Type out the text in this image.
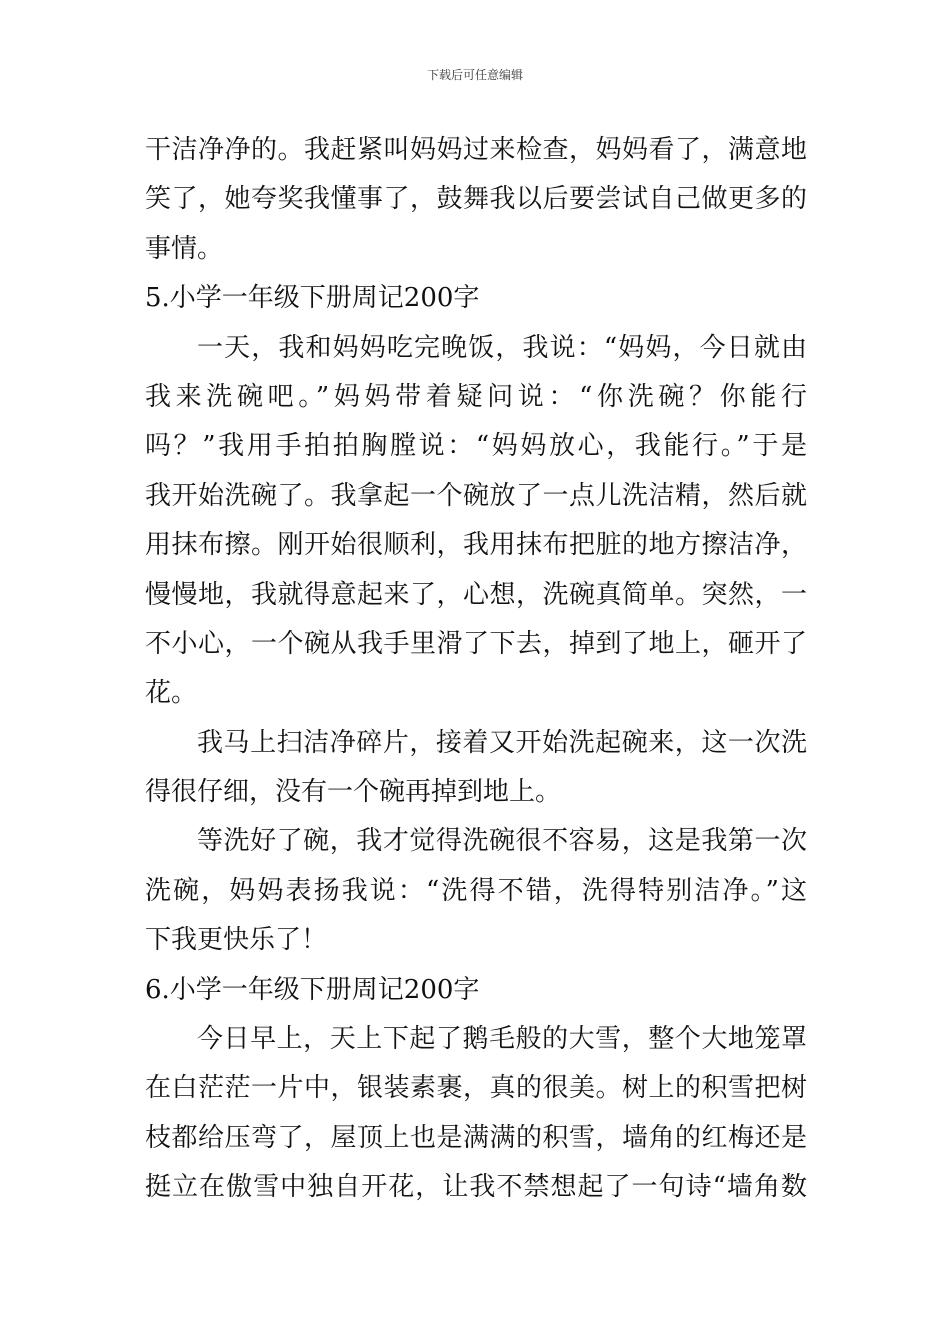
下载后可任意编辑
干洁净净的。我赶紧叫妈妈过来检查，妈妈看了，满意地
笑了，她夸奖我懂事了，鼓舞我以后要尝试自己做更多的
事情。
5.小学一年级下册周记200字
一天，我和妈妈吃完晚饭，我说：“妈妈，今日就由
我来洗碗吧。”妈妈带着疑问说：“你洗碗？你能行
吗？”我用手拍拍胸膛说：“妈妈放心，我能行。”于是
我开始洗碗了。我拿起一个碗放了一点儿洗洁精，然后就
用抹布擦。刚开始很顺利，我用抹布把脏的地方擦洁净，
慢慢地，我就得意起来了，心想，洗碗真简单。突然，一
不小心，一个碗从我手里滑了下去，掉到了地上，砸开了
花。
我马上扫洁净碎片，接着又开始洗起碗来，这一次洗
得很仔细，没有一个碗再掉到地上。
等洗好了碗，我才觉得洗碗很不容易，这是我第一次
洗碗，妈妈表扬我说：“洗得不错，洗得特别洁净。”这
下我更快乐了！
6.小学一年级下册周记200字
今日早上，天上下起了鹅毛般的大雪，整个大地笼罩
在白茫茫一片中，银装素裹，真的很美。树上的积雪把树
枝都给压弯了，屋顶上也是满满的积雪，墙角的红梅还是
挺立在傲雪中独自开花，让我不禁想起了一句诗“墙角数
